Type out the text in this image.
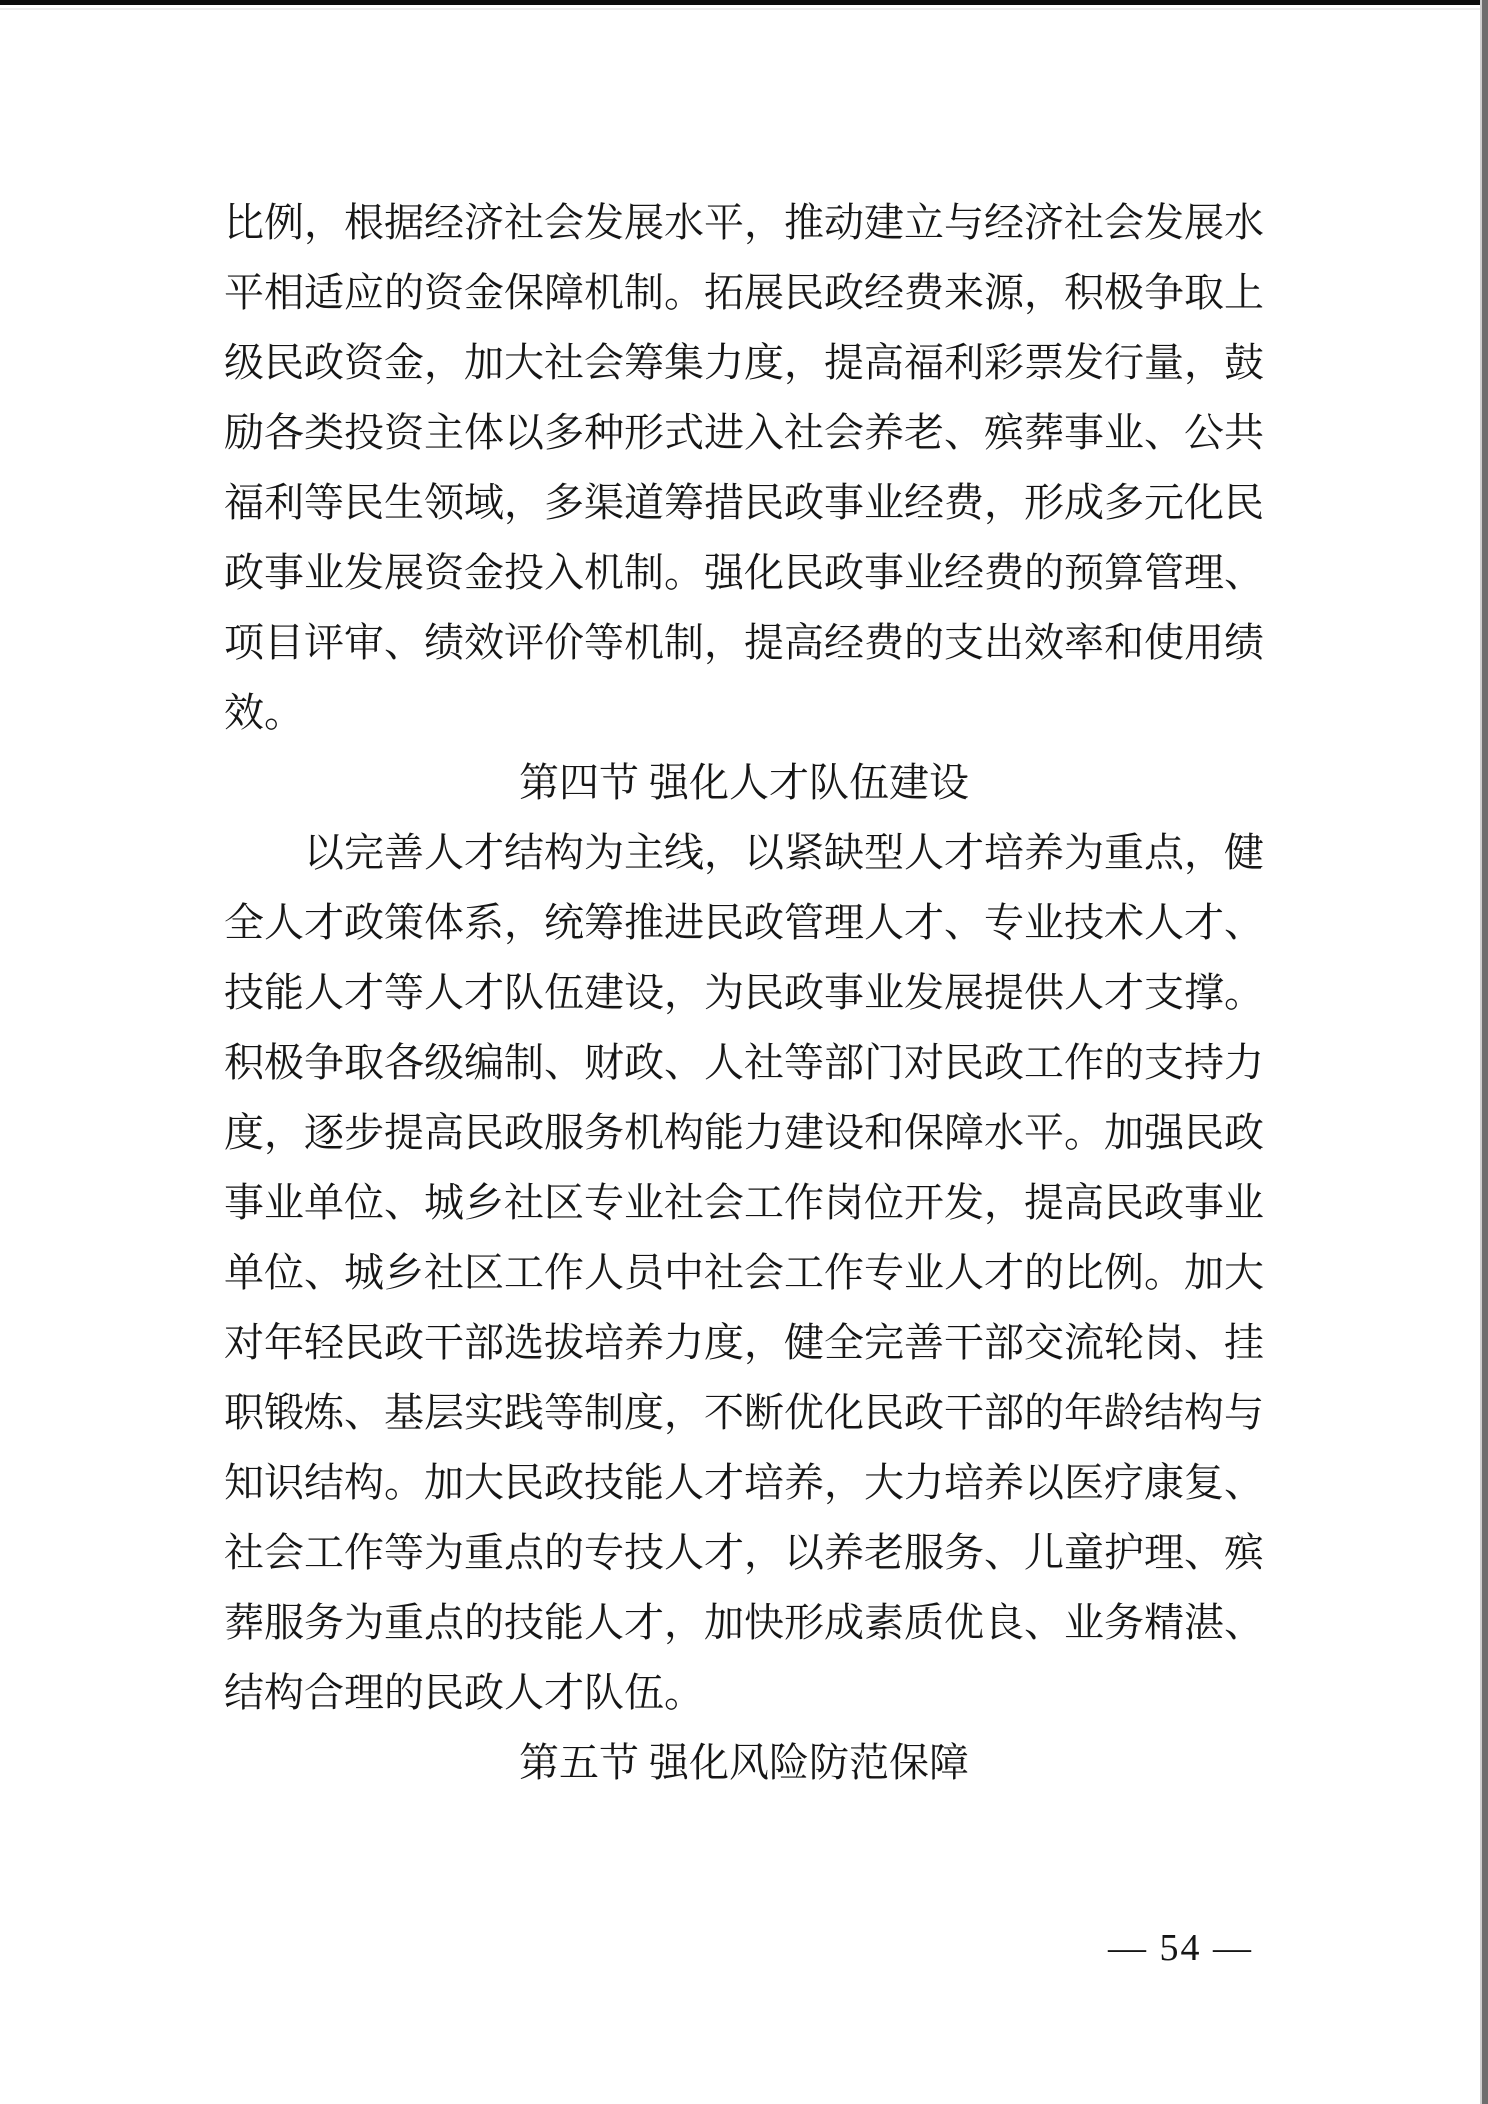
比例，根据经济社会发展水平，推动建立与经济社会发展水
平相适应的资金保障机制。拓展民政经费来源，积极争取上
级民政资金，加大社会筹集力度，提高福利彩票发行量，鼓
励各类投资主体以多种形式进入社会养老、殡葬事业、公共
福利等民生领域，多渠道筹措民政事业经费，形成多元化民
政事业发展资金投入机制。强化民政事业经费的预算管理、
项目评审、绩效评价等机制，提高经费的支出效率和使用绩
效。
第四节 强化人才队伍建设
以完善人才结构为主线，以紧缺型人才培养为重点，健
全人才政策体系，统筹推进民政管理人才、专业技术人才、
技能人才等人才队伍建设，为民政事业发展提供人才支撑。
积极争取各级编制、财政、人社等部门对民政工作的支持力
度，逐步提高民政服务机构能力建设和保障水平。加强民政
事业单位、城乡社区专业社会工作岗位开发，提高民政事业
单位、城乡社区工作人员中社会工作专业人才的比例。加大
对年轻民政干部选拔培养力度，健全完善干部交流轮岗、挂
职锻炼、基层实践等制度，不断优化民政干部的年龄结构与
知识结构。加大民政技能人才培养，大力培养以医疗康复、
社会工作等为重点的专技人才，以养老服务、儿童护理、殡
葬服务为重点的技能人才，加快形成素质优良、业务精湛、
结构合理的民政人才队伍。
第五节 强化风险防范保障
— 54 —
